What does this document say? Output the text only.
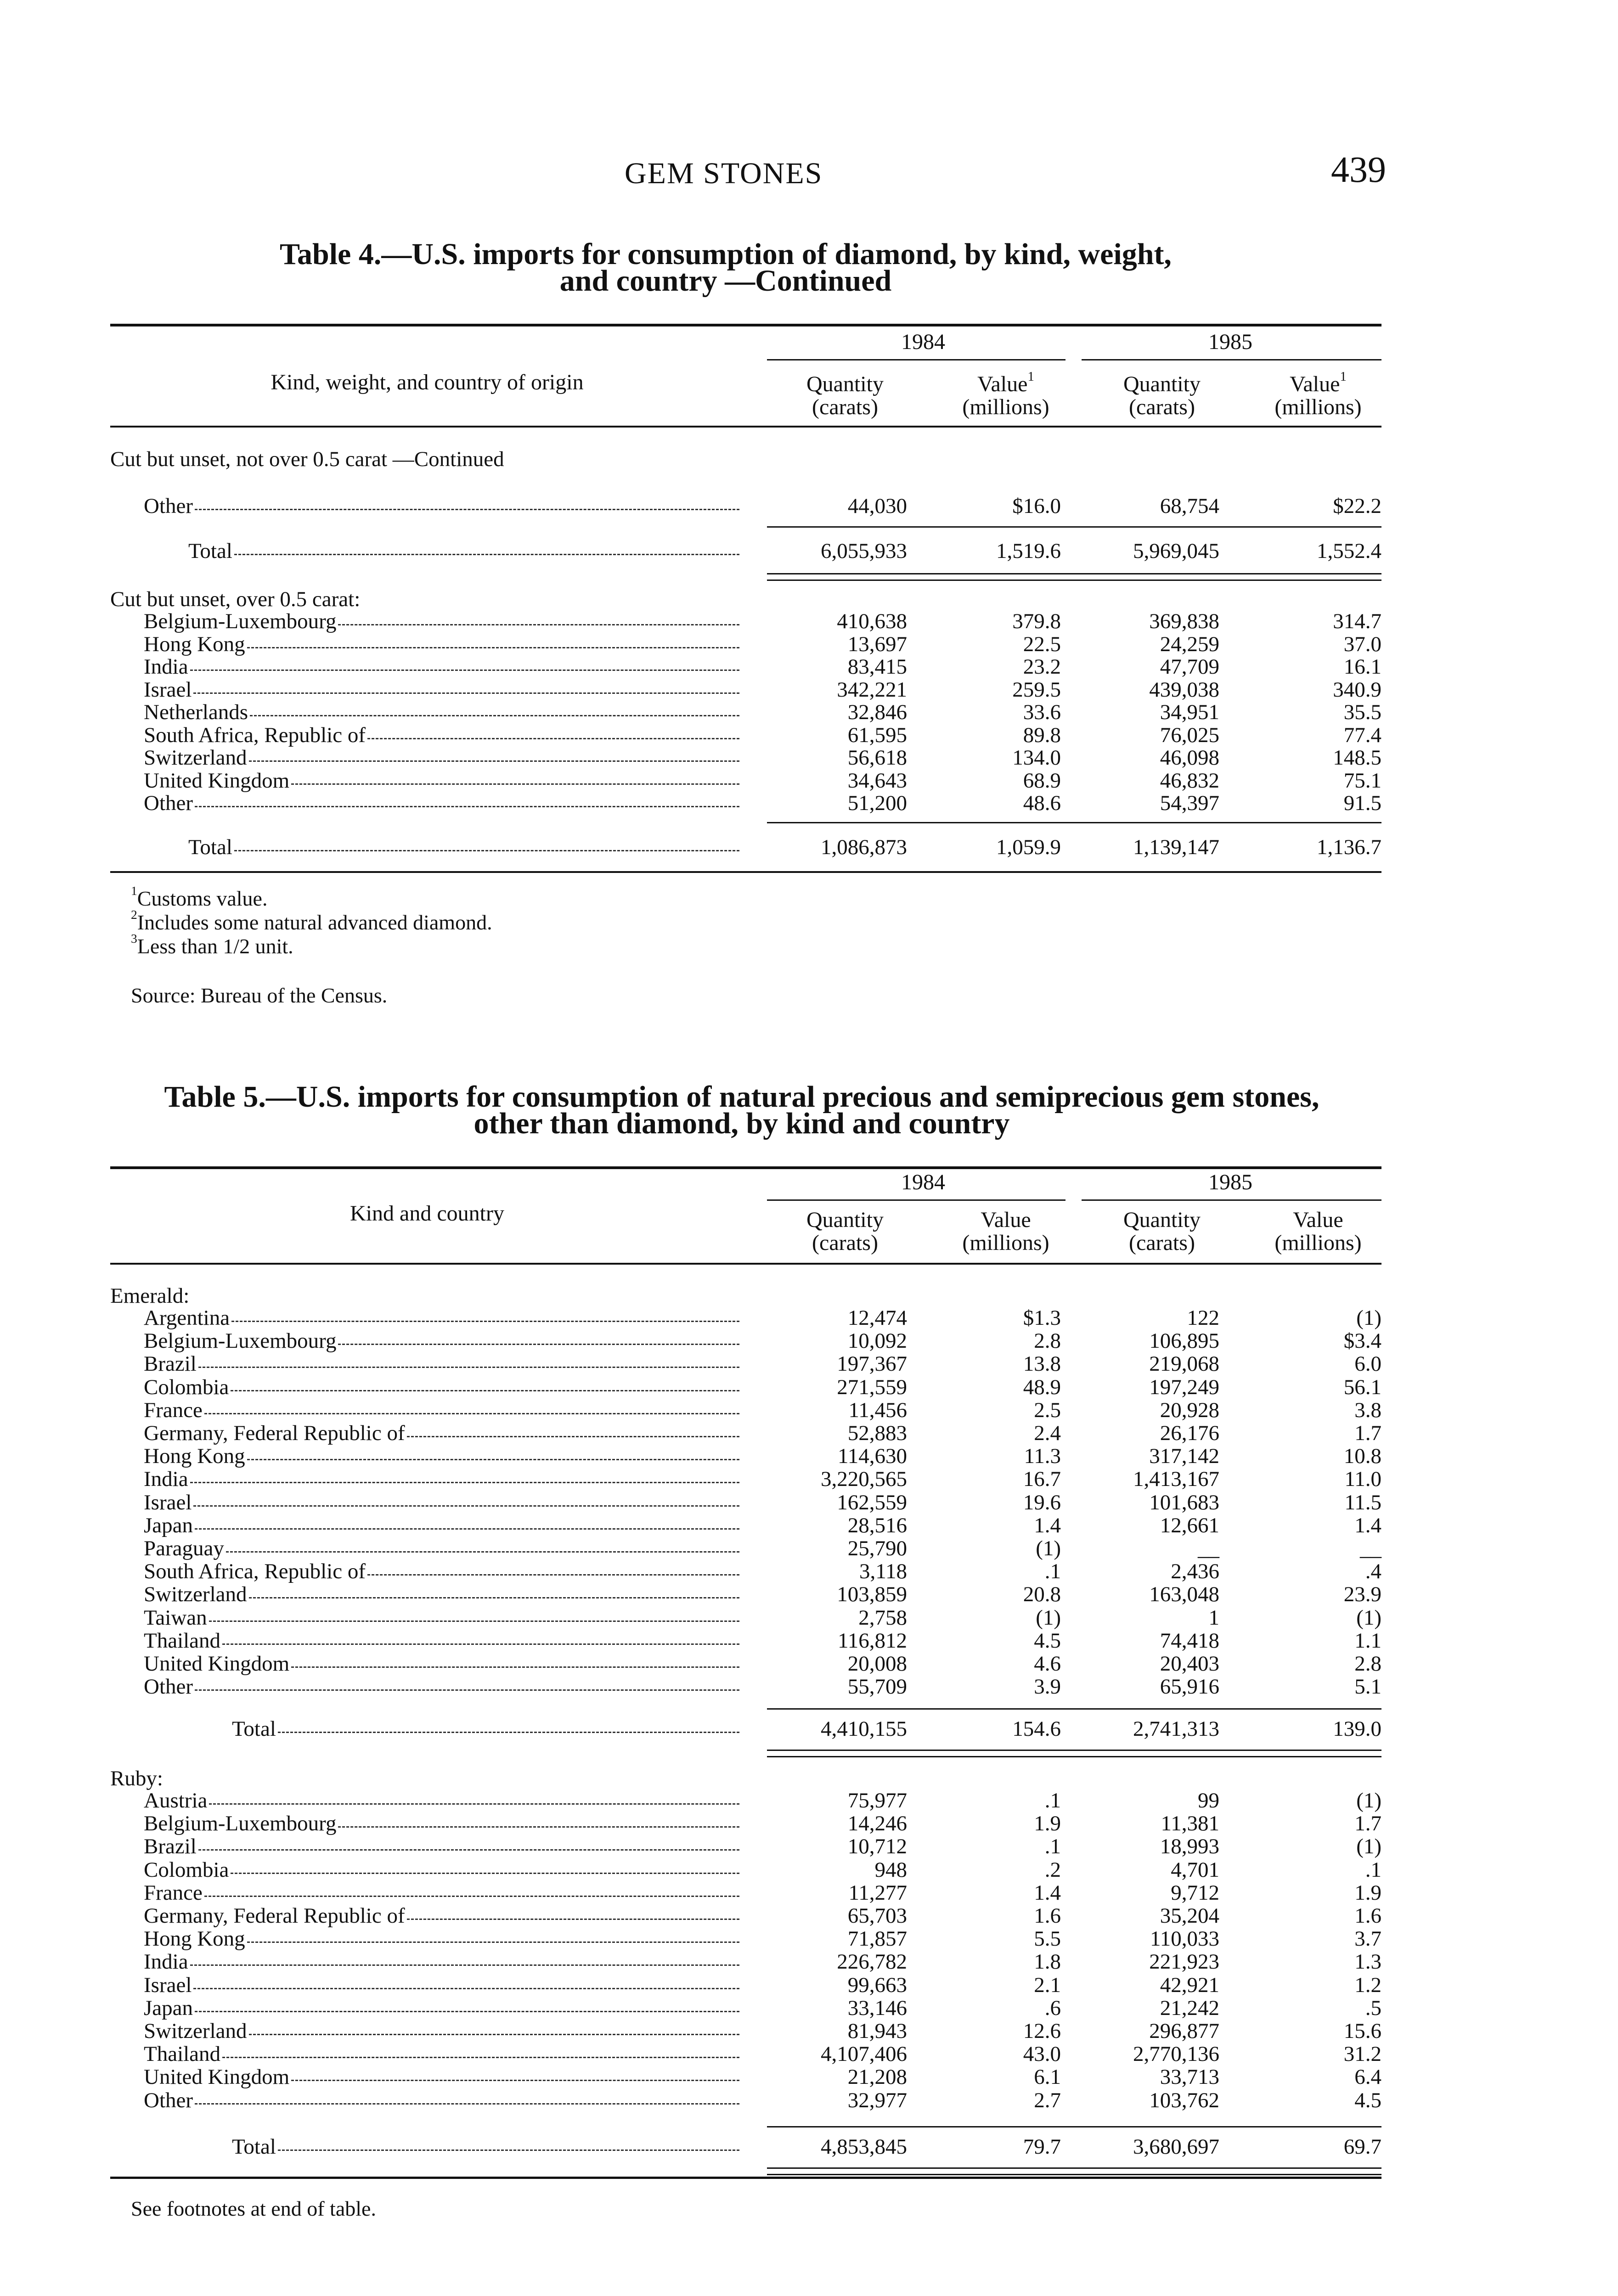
GEM STONES	439
Table 4.—U.S. imports for consumption of diamond, by kind, weight,
and country —Continued
Kind, weight, and country of origin
1984	1985
Quantity
(carats)
Value$^1$
(millions)
Quantity
(carats)
Value$^1$
(millions)
Cut but unset, not over 0.5 carat —Continued
Other	44,030	$16.0	68,754	$22.2
Total	6,055,933	1,519.6	5,969,045	1,552.4
Cut but unset, over 0.5 carat:
Belgium-Luxembourg	410,638	379.8	369,838	314.7
Hong Kong	13,697	22.5	24,259	37.0
India	83,415	23.2	47,709	16.1
Israel	342,221	259.5	439,038	340.9
Netherlands	32,846	33.6	34,951	35.5
South Africa, Republic of	61,595	89.8	76,025	77.4
Switzerland	56,618	134.0	46,098	148.5
United Kingdom	34,643	68.9	46,832	75.1
Other	51,200	48.6	54,397	91.5
Total	1,086,873	1,059.9	1,139,147	1,136.7
$^1$Customs value.
$^2$Includes some natural advanced diamond.
$^3$Less than 1/2 unit.
Source: Bureau of the Census.
Table 5.—U.S. imports for consumption of natural precious and semiprecious gem stones,
other than diamond, by kind and country
Kind and country
1984	1985
Quantity
(carats)
Value
(millions)
Quantity
(carats)
Value
(millions)
Emerald:
Argentina	12,474	$1.3	122	(1)
Belgium-Luxembourg	10,092	2.8	106,895	$3.4
Brazil	197,367	13.8	219,068	6.0
Colombia	271,559	48.9	197,249	56.1
France	11,456	2.5	20,928	3.8
Germany, Federal Republic of	52,883	2.4	26,176	1.7
Hong Kong	114,630	11.3	317,142	10.8
India	3,220,565	16.7	1,413,167	11.0
Israel	162,559	19.6	101,683	11.5
Japan	28,516	1.4	12,661	1.4
Paraguay	25,790	(1)	__	__
South Africa, Republic of	3,118	.1	2,436	.4
Switzerland	103,859	20.8	163,048	23.9
Taiwan	2,758	(1)	1	(1)
Thailand	116,812	4.5	74,418	1.1
United Kingdom	20,008	4.6	20,403	2.8
Other	55,709	3.9	65,916	5.1
Total	4,410,155	154.6	2,741,313	139.0
Ruby:
Austria	75,977	.1	99	(1)
Belgium-Luxembourg	14,246	1.9	11,381	1.7
Brazil	10,712	.1	18,993	(1)
Colombia	948	.2	4,701	.1
France	11,277	1.4	9,712	1.9
Germany, Federal Republic of	65,703	1.6	35,204	1.6
Hong Kong	71,857	5.5	110,033	3.7
India	226,782	1.8	221,923	1.3
Israel	99,663	2.1	42,921	1.2
Japan	33,146	.6	21,242	.5
Switzerland	81,943	12.6	296,877	15.6
Thailand	4,107,406	43.0	2,770,136	31.2
United Kingdom	21,208	6.1	33,713	6.4
Other	32,977	2.7	103,762	4.5
Total	4,853,845	79.7	3,680,697	69.7
See footnotes at end of table.
